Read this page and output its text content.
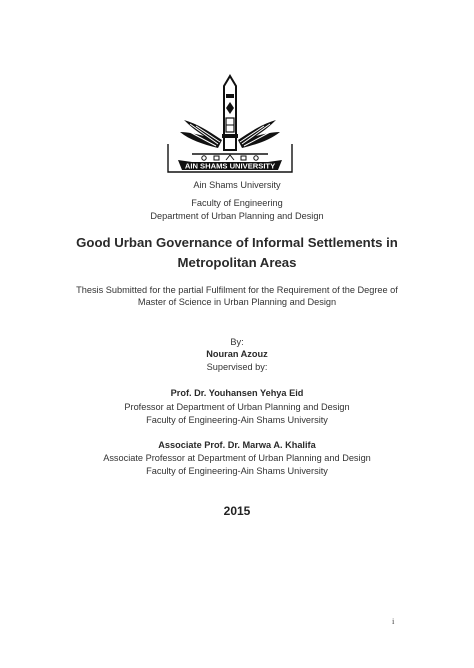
AIN SHAMS UNIVERSITY
Ain Shams University
Faculty of Engineering
Department of Urban Planning and Design
Good Urban Governance of Informal Settlements in
Metropolitan Areas
Thesis Submitted for the partial Fulfilment for the Requirement of the Degree of
Master of Science in Urban Planning and Design
By:
Nouran Azouz
Supervised by:
Prof. Dr. Youhansen Yehya Eid
Professor at Department of Urban Planning and Design
Faculty of Engineering-Ain Shams University
Associate Prof. Dr. Marwa A. Khalifa
Associate Professor at Department of Urban Planning and Design
Faculty of Engineering-Ain Shams University
2015
i
